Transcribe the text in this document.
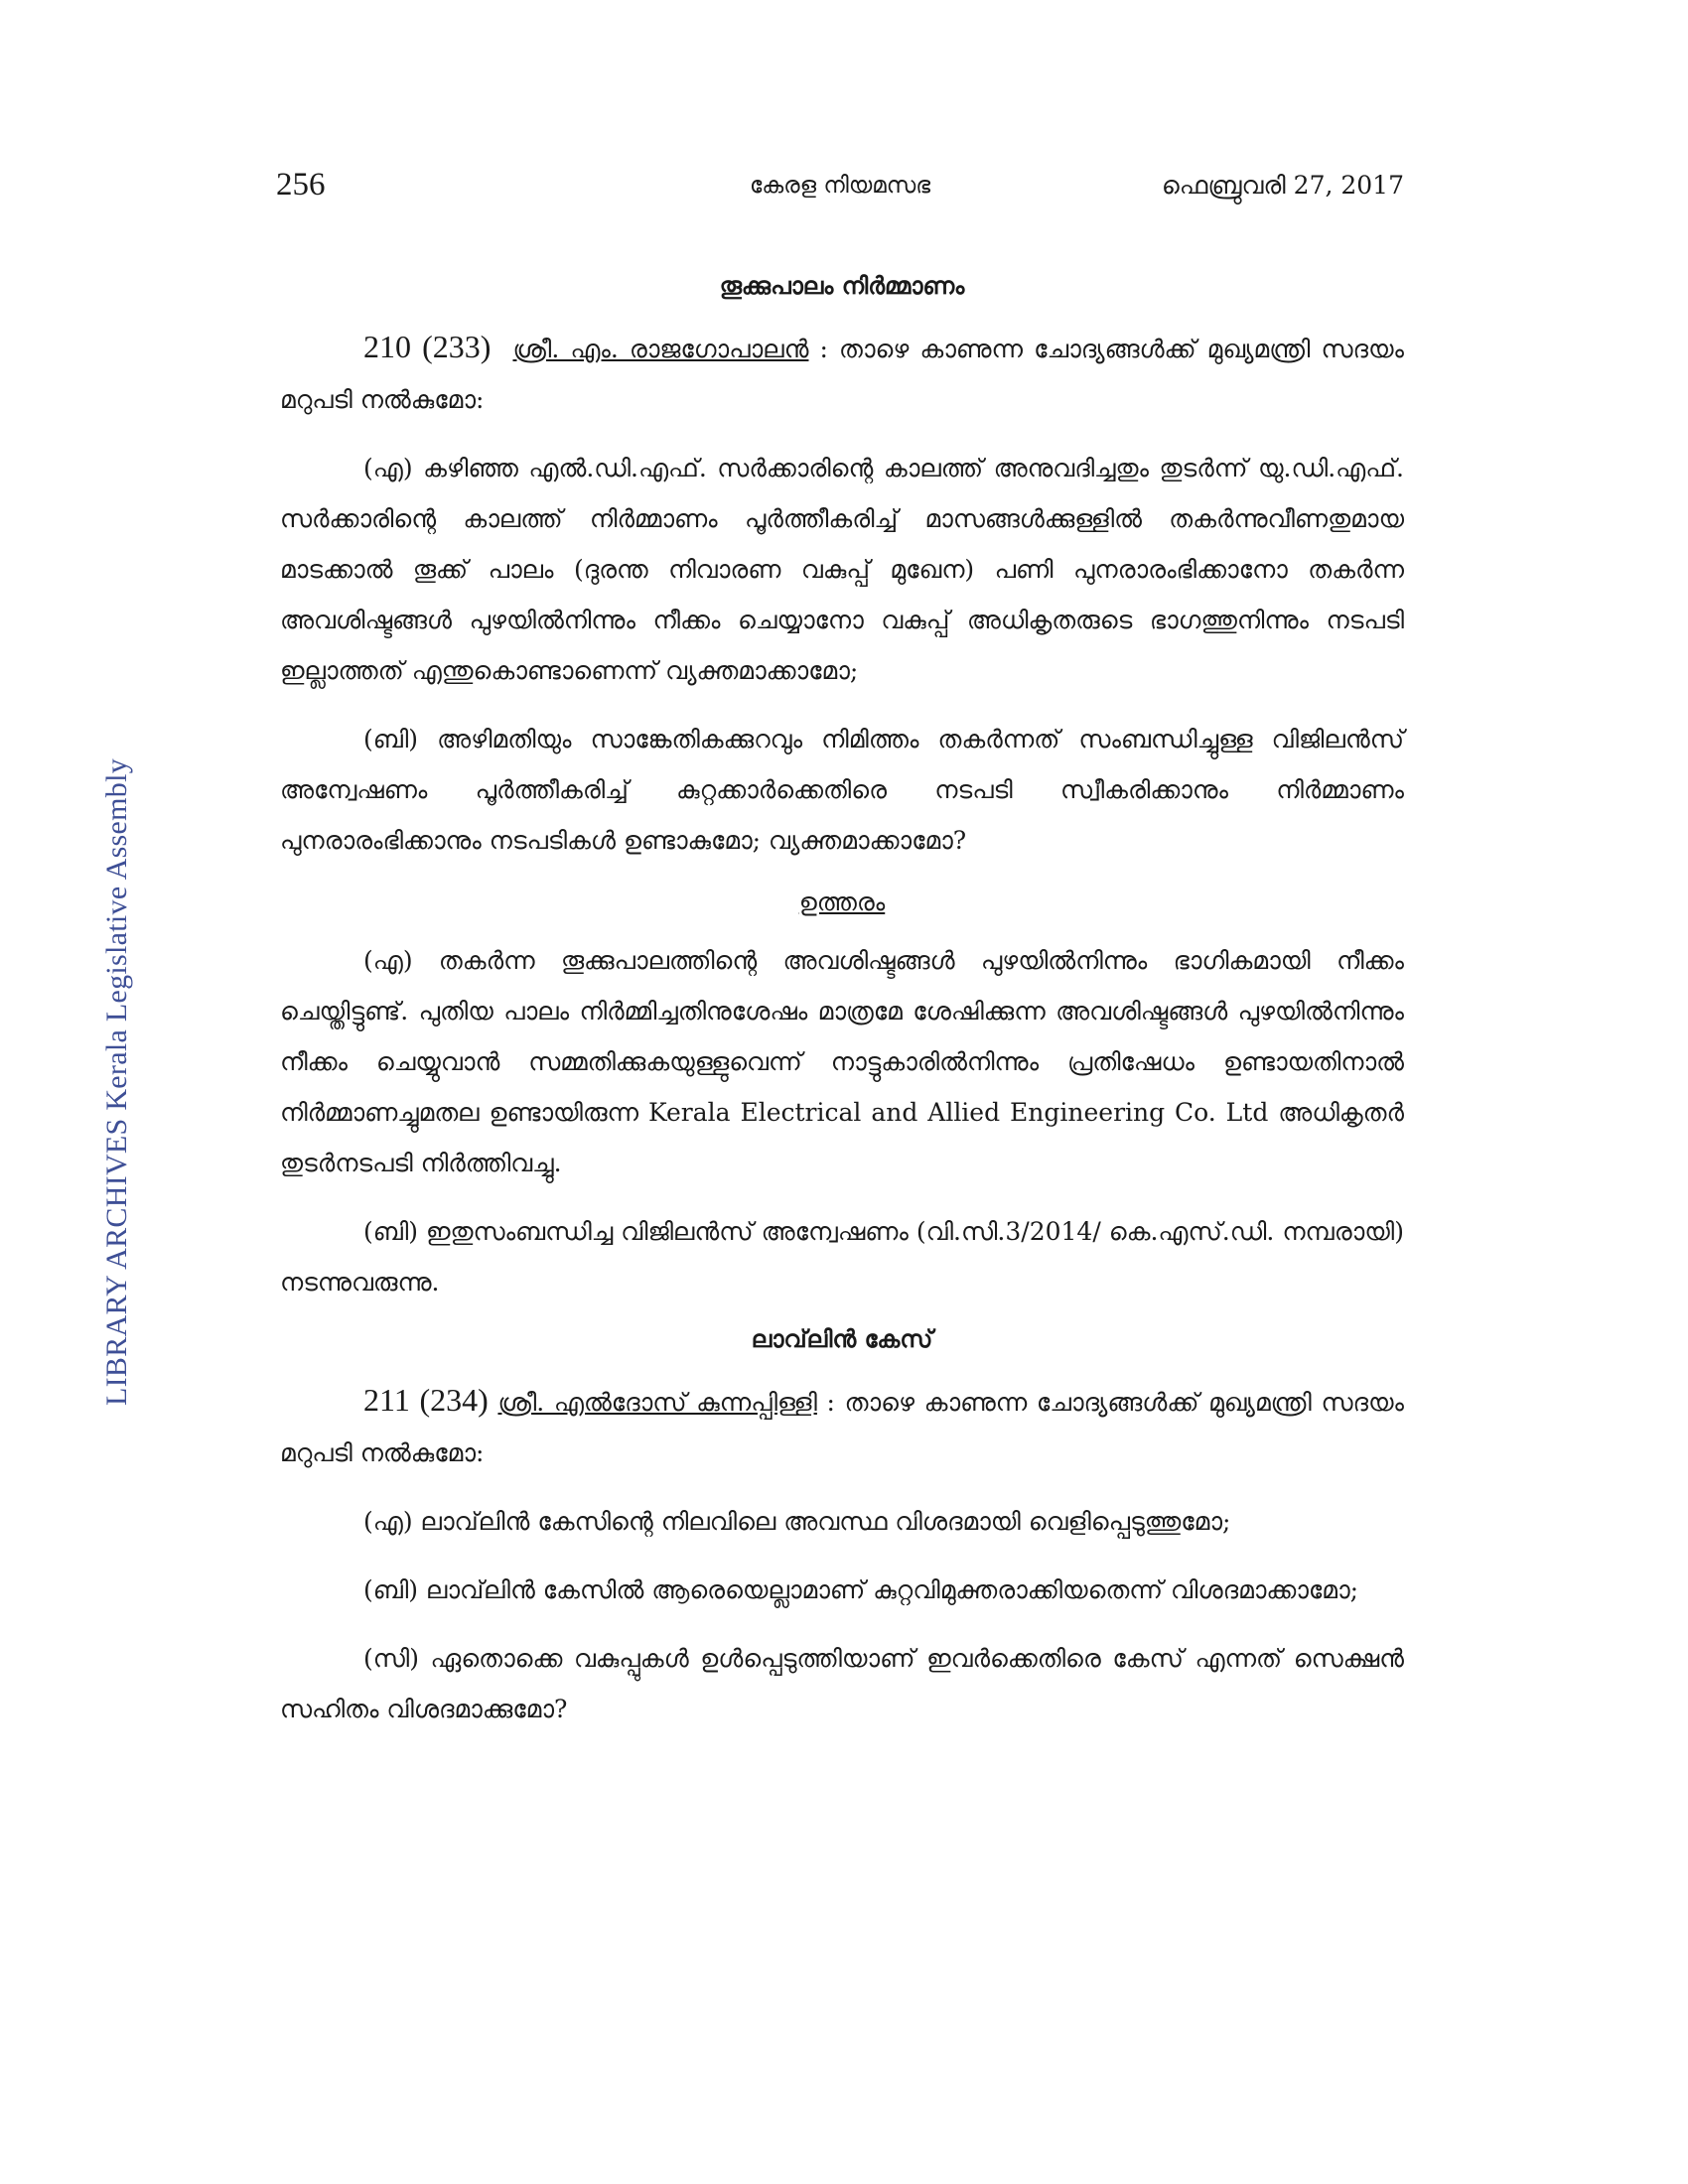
LIBRARY ARCHIVES Kerala Legislative Assembly
256	കേരള നിയമസഭ	ഫെബ്രുവരി 27, 2017
തൂക്കുപാലം നിർമ്മാണം

210 (233) ശ്രീ. എം. രാജഗോപാലൻ : താഴെ കാണുന്ന ചോദ്യങ്ങൾക്ക് മുഖ്യമന്ത്രി സദയം മറുപടി നൽകുമോ:

(എ) കഴിഞ്ഞ എൽ.ഡി.എഫ്. സർക്കാരിന്റെ കാലത്ത് അനുവദിച്ചതും തുടർന്ന് യു.ഡി.എഫ്. സർക്കാരിന്റെ കാലത്ത് നിർമ്മാണം പൂർത്തീകരിച്ച് മാസങ്ങൾക്കുള്ളിൽ തകർന്നുവീണതുമായ മാടക്കാൽ തൂക്ക് പാലം (ദുരന്ത നിവാരണ വകുപ്പ് മുഖേന) പണി പുനരാരംഭിക്കാനോ തകർന്ന അവശിഷ്ടങ്ങൾ പുഴയിൽനിന്നും നീക്കം ചെയ്യാനോ വകുപ്പ് അധികൃതരുടെ ഭാഗത്തുനിന്നും നടപടി ഇല്ലാത്തത് എന്തുകൊണ്ടാണെന്ന് വ്യക്തമാക്കാമോ;

(ബി) അഴിമതിയും സാങ്കേതികക്കുറവും നിമിത്തം തകർന്നത് സംബന്ധിച്ചുള്ള വിജിലൻസ് അന്വേഷണം പൂർത്തീകരിച്ച് കുറ്റക്കാർക്കെതിരെ നടപടി സ്വീകരിക്കാനും നിർമ്മാണം പുനരാരംഭിക്കാനും നടപടികൾ ഉണ്ടാകുമോ; വ്യക്തമാക്കാമോ?

ഉത്തരം

(എ) തകർന്ന തൂക്കുപാലത്തിന്റെ അവശിഷ്ടങ്ങൾ പുഴയിൽനിന്നും ഭാഗികമായി നീക്കം ചെയ്തിട്ടുണ്ട്. പുതിയ പാലം നിർമ്മിച്ചതിനുശേഷം മാത്രമേ ശേഷിക്കുന്ന അവശിഷ്ടങ്ങൾ പുഴയിൽനിന്നും നീക്കം ചെയ്യുവാൻ സമ്മതിക്കുകയുള്ളുവെന്ന് നാട്ടുകാരിൽനിന്നും പ്രതിഷേധം ഉണ്ടായതിനാൽ നിർമ്മാണച്ചുമതല ഉണ്ടായിരുന്ന Kerala Electrical and Allied Engineering Co. Ltd അധികൃതർ തുടർനടപടി നിർത്തിവച്ചു.

(ബി) ഇതുസംബന്ധിച്ച വിജിലൻസ് അന്വേഷണം (വി.സി.3/2014/ കെ.എസ്.ഡി. നമ്പരായി) നടന്നുവരുന്നു.

ലാവ്‌ലിൻ കേസ്

211 (234) ശ്രീ. എൽദോസ് കുന്നപ്പിള്ളി : താഴെ കാണുന്ന ചോദ്യങ്ങൾക്ക് മുഖ്യമന്ത്രി സദയം മറുപടി നൽകുമോ:

(എ) ലാവ്‌ലിൻ കേസിന്റെ നിലവിലെ അവസ്ഥ വിശദമായി വെളിപ്പെടുത്തുമോ;

(ബി) ലാവ്‌ലിൻ കേസിൽ ആരെയെല്ലാമാണ് കുറ്റവിമുക്തരാക്കിയതെന്ന് വിശദമാക്കാമോ;

(സി) ഏതൊക്കെ വകുപ്പുകൾ ഉൾപ്പെടുത്തിയാണ് ഇവർക്കെതിരെ കേസ് എന്നത് സെക്ഷൻ സഹിതം വിശദമാക്കുമോ?
